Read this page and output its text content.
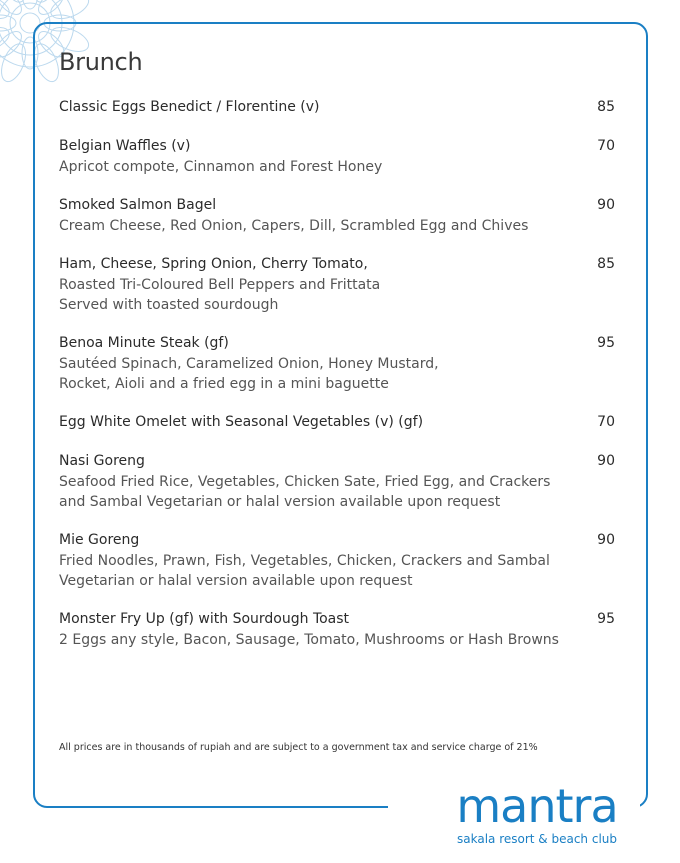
Brunch
Classic Eggs Benedict / Florentine (v)	85
Belgian Waffles (v)	70
Apricot compote, Cinnamon and Forest Honey
Smoked Salmon Bagel	90
Cream Cheese, Red Onion, Capers, Dill, Scrambled Egg and Chives
Ham, Cheese, Spring Onion, Cherry Tomato,	85
Roasted Tri-Coloured Bell Peppers and Frittata
Served with toasted sourdough
Benoa Minute Steak (gf)	95
Sautéed Spinach, Caramelized Onion, Honey Mustard,
Rocket, Aioli and a fried egg in a mini baguette
Egg White Omelet with Seasonal Vegetables (v) (gf)	70
Nasi Goreng	90
Seafood Fried Rice, Vegetables, Chicken Sate, Fried Egg, and Crackers
and Sambal Vegetarian or halal version available upon request
Mie Goreng	90
Fried Noodles, Prawn, Fish, Vegetables, Chicken, Crackers and Sambal
Vegetarian or halal version available upon request
Monster Fry Up (gf) with Sourdough Toast	95
2 Eggs any style, Bacon, Sausage, Tomato, Mushrooms or Hash Browns

All prices are in thousands of rupiah and are subject to a government tax and service charge of 21%

mantra
sakala resort & beach club
